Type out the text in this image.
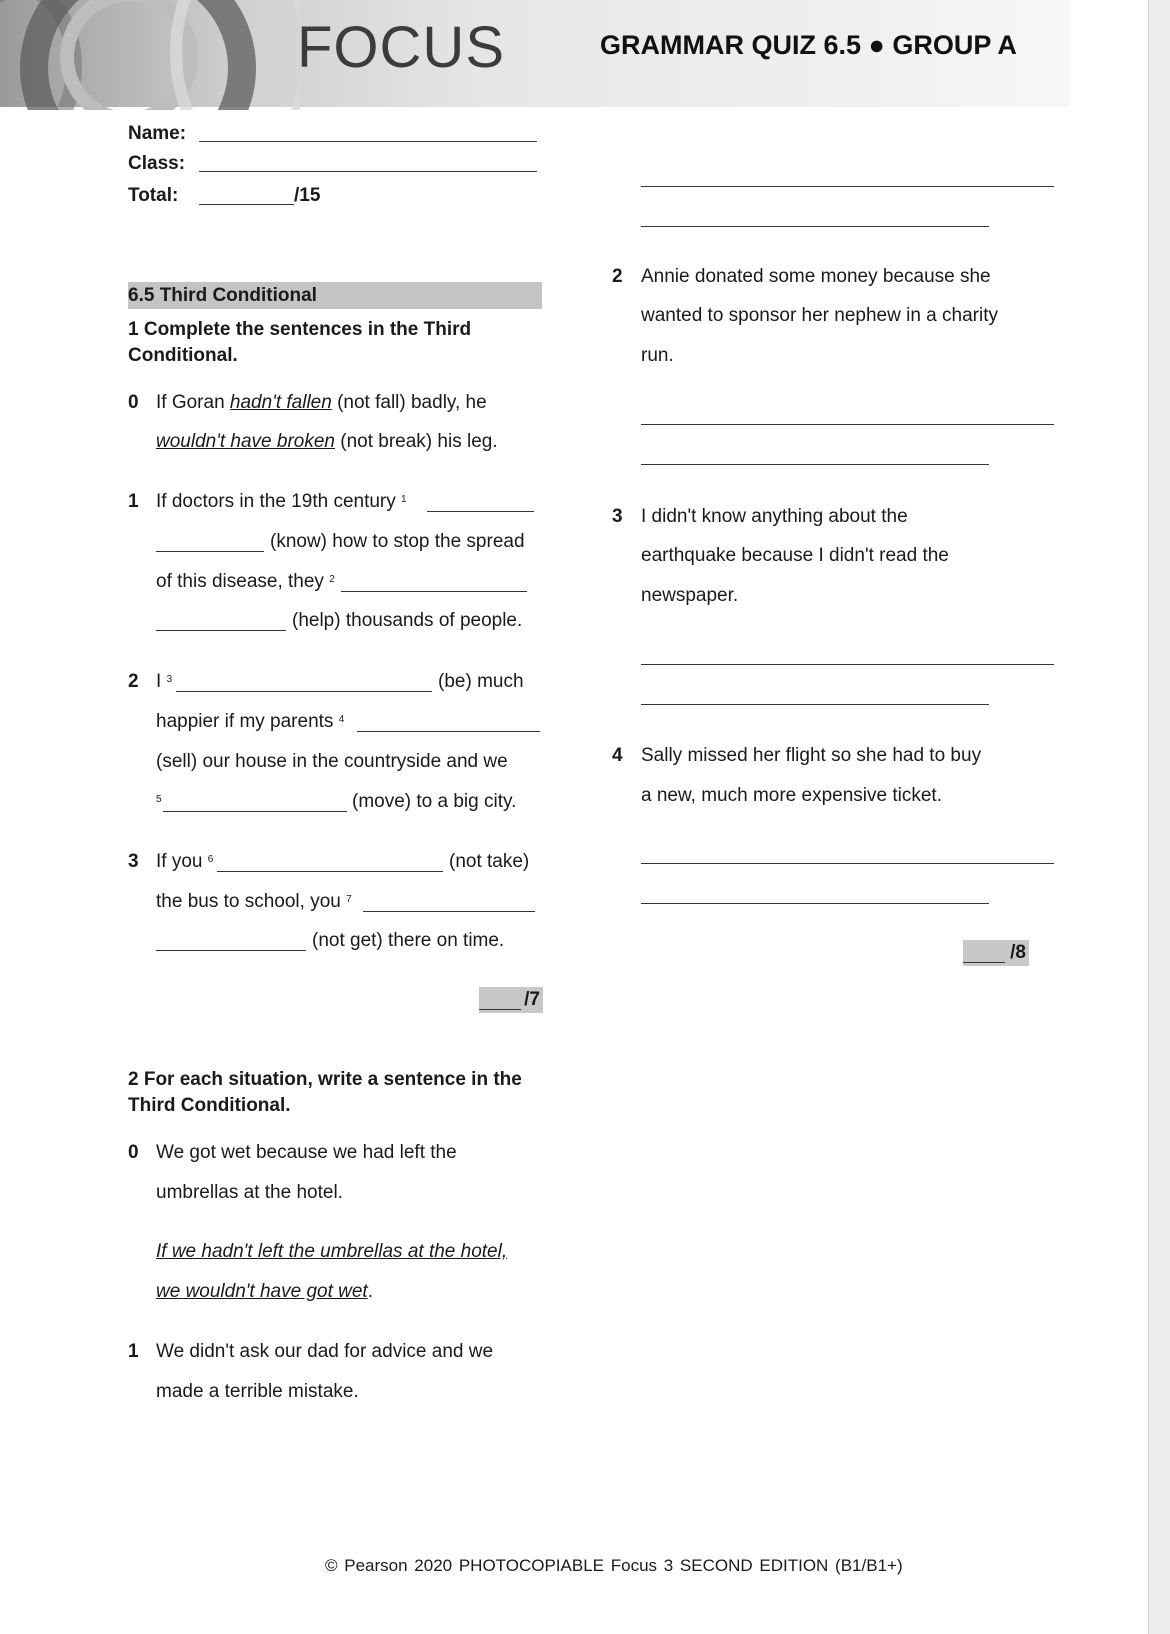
FOCUS	GRAMMAR QUIZ 6.5 ● GROUP A
Name:
Class:
Total:	/15
6.5 Third Conditional
1 Complete the sentences in the Third
Conditional.
0 If Goran hadn't fallen (not fall) badly, he
wouldn't have broken (not break) his leg.
1 If doctors in the 19th century $^1$
(know) how to stop the spread
of this disease, they $^2$
(help) thousands of people.
2 I $^3$	(be) much
happier if my parents $^4$
(sell) our house in the countryside and we
$^5$	(move) to a big city.
3 If you $^6$	(not take)
the bus to school, you $^7$
(not get) there on time.
/7
2 For each situation, write a sentence in the
Third Conditional.
0 We got wet because we had left the
umbrellas at the hotel.
If we hadn't left the umbrellas at the hotel,
we wouldn't have got wet.
1 We didn't ask our dad for advice and we
made a terrible mistake.
2 Annie donated some money because she
wanted to sponsor her nephew in a charity
run.
3 I didn't know anything about the
earthquake because I didn't read the
newspaper.
4 Sally missed her flight so she had to buy
a new, much more expensive ticket.
/8
© Pearson 2020 PHOTOCOPIABLE Focus 3 SECOND EDITION (B1/B1+)
